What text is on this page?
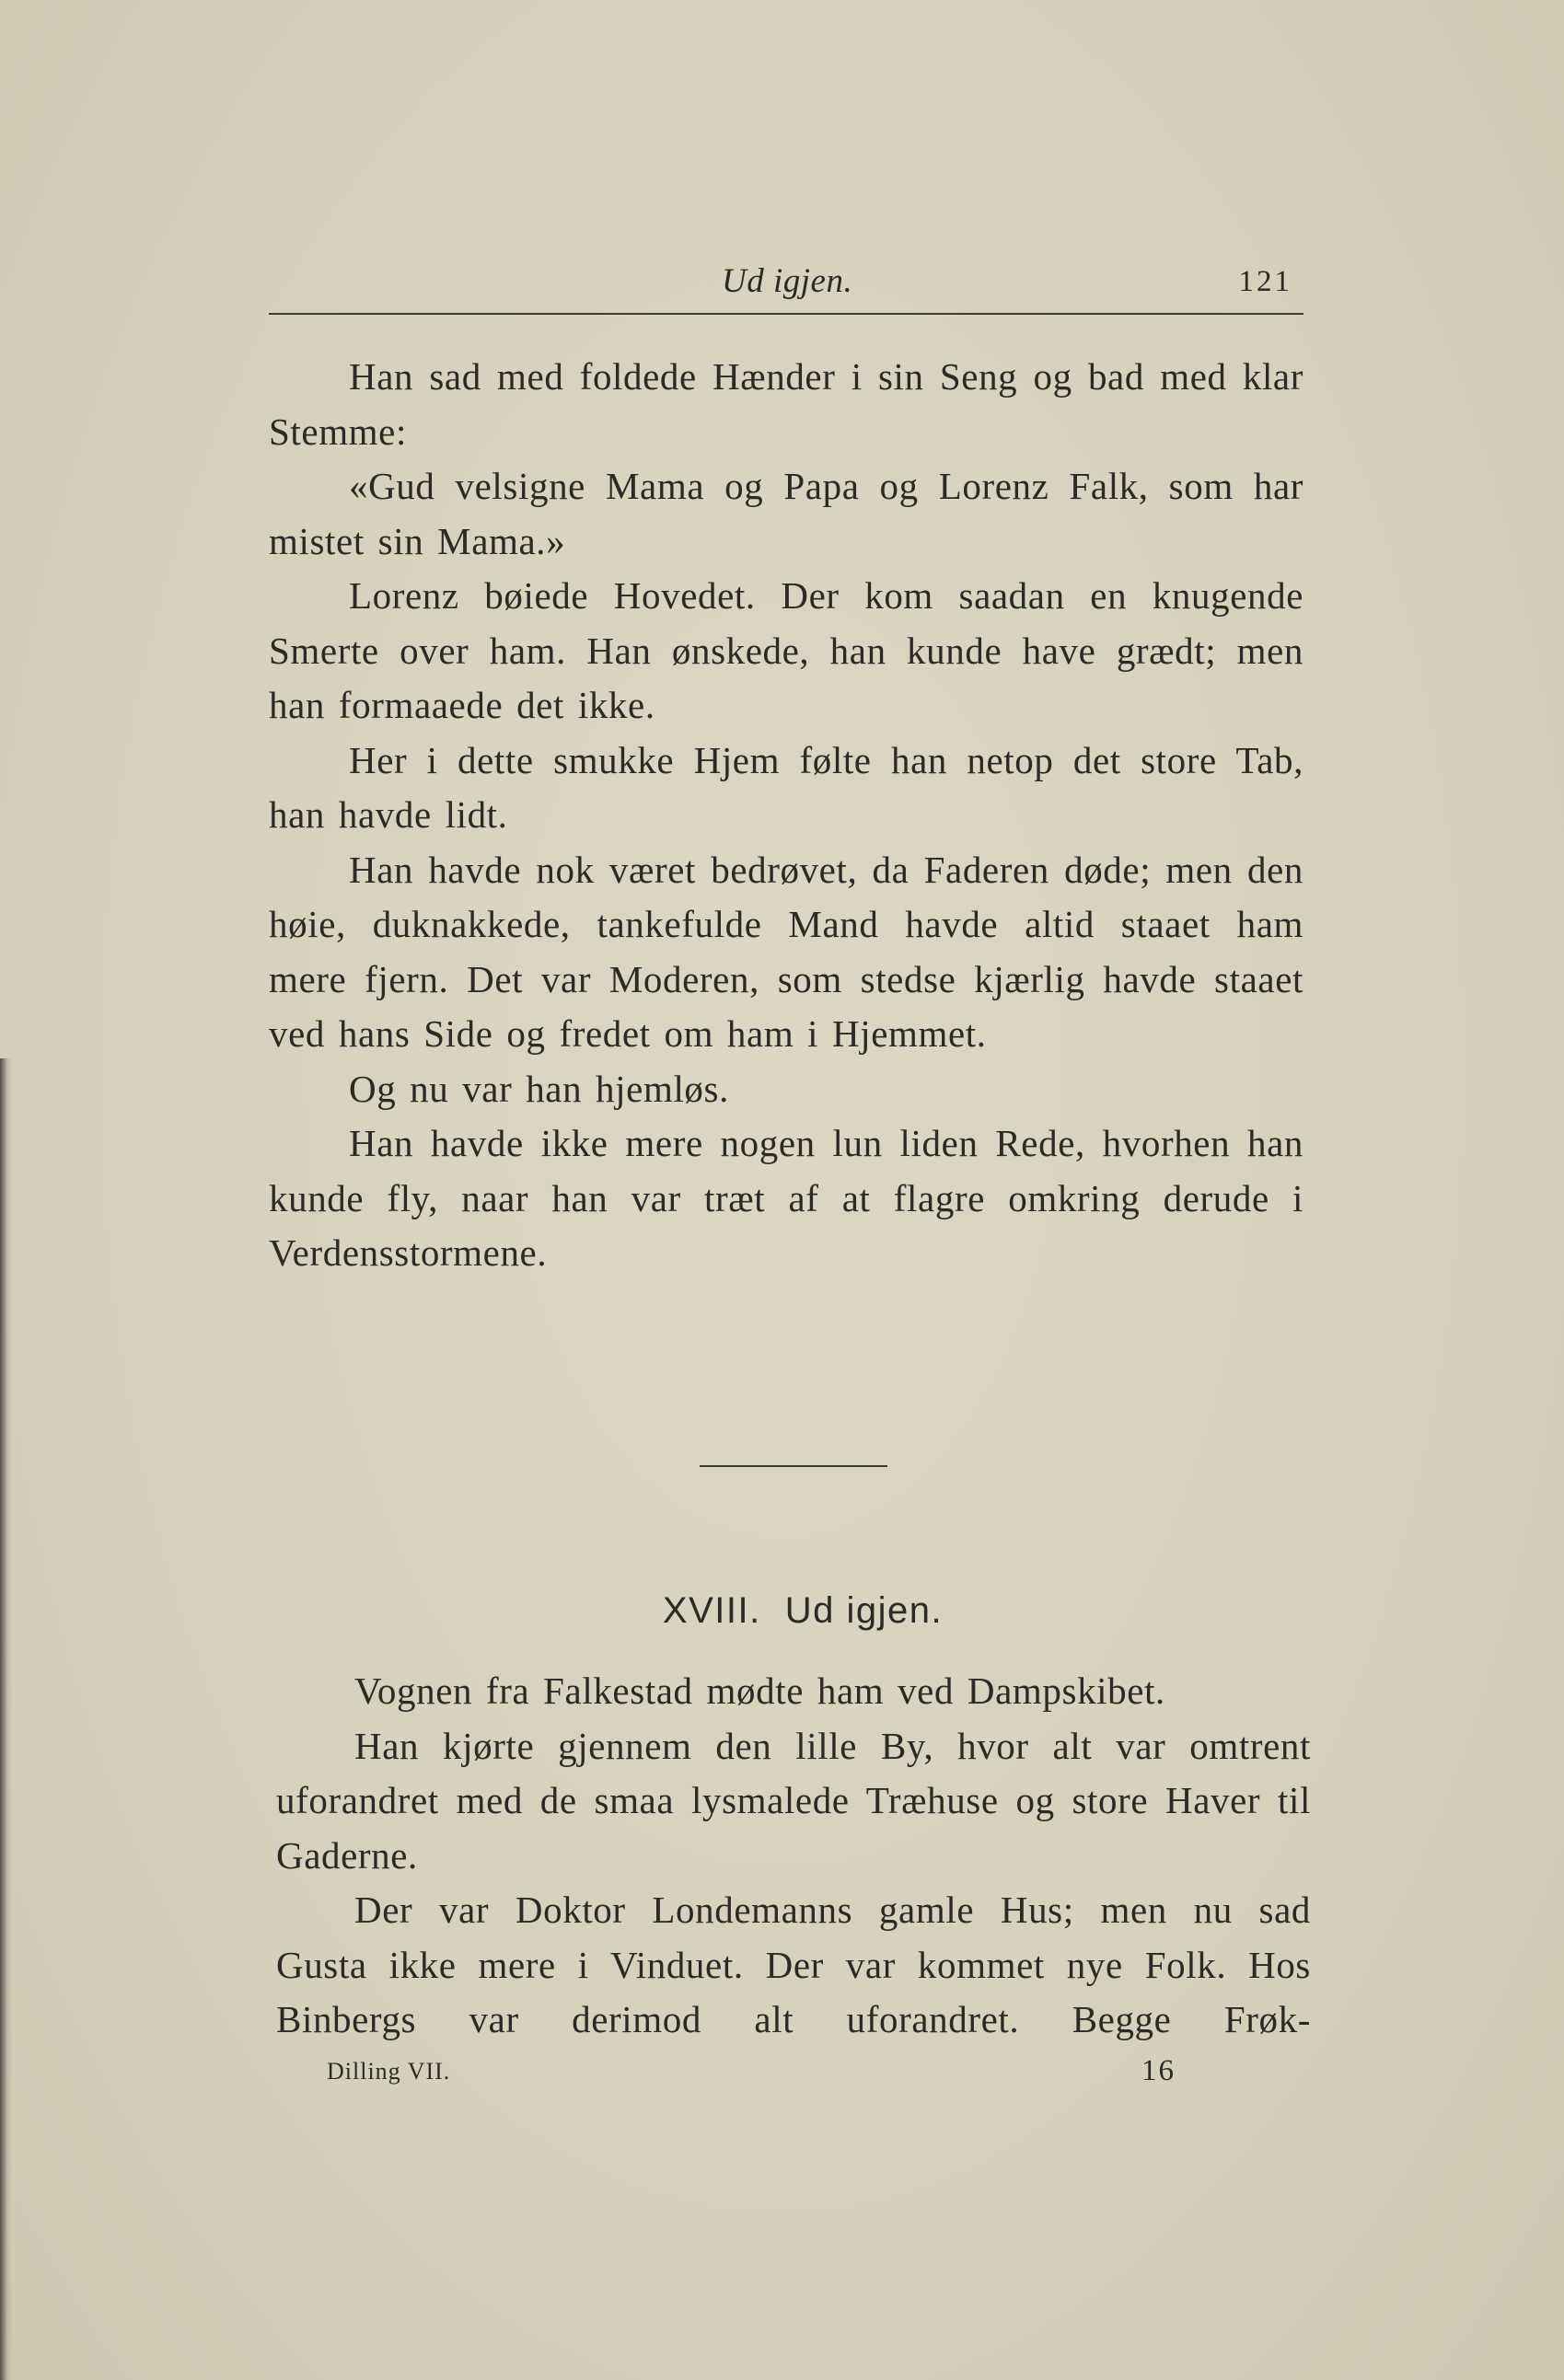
Ud igjen.	121

Han sad med foldede Hænder i sin Seng og bad med klar Stemme:

«Gud velsigne Mama og Papa og Lorenz Falk, som har mistet sin Mama.»

Lorenz bøiede Hovedet. Der kom saadan en knugende Smerte over ham. Han ønskede, han kunde have grædt; men han formaaede det ikke.

Her i dette smukke Hjem følte han netop det store Tab, han havde lidt.

Han havde nok været bedrøvet, da Faderen døde; men den høie, duknakkede, tankefulde Mand havde altid staaet ham mere fjern. Det var Moderen, som stedse kjærlig havde staaet ved hans Side og fredet om ham i Hjemmet.

Og nu var han hjemløs.

Han havde ikke mere nogen lun liden Rede, hvorhen han kunde fly, naar han var træt af at flagre omkring derude i Verdensstormene.

XVIII. Ud igjen.

Vognen fra Falkestad mødte ham ved Dampskibet.

Han kjørte gjennem den lille By, hvor alt var omtrent uforandret med de smaa lysmalede Træhuse og store Haver til Gaderne.

Der var Doktor Londemanns gamle Hus; men nu sad Gusta ikke mere i Vinduet. Der var kommet nye Folk. Hos Binbergs var derimod alt uforandret. Begge Frøk-

Dilling VII.	16
